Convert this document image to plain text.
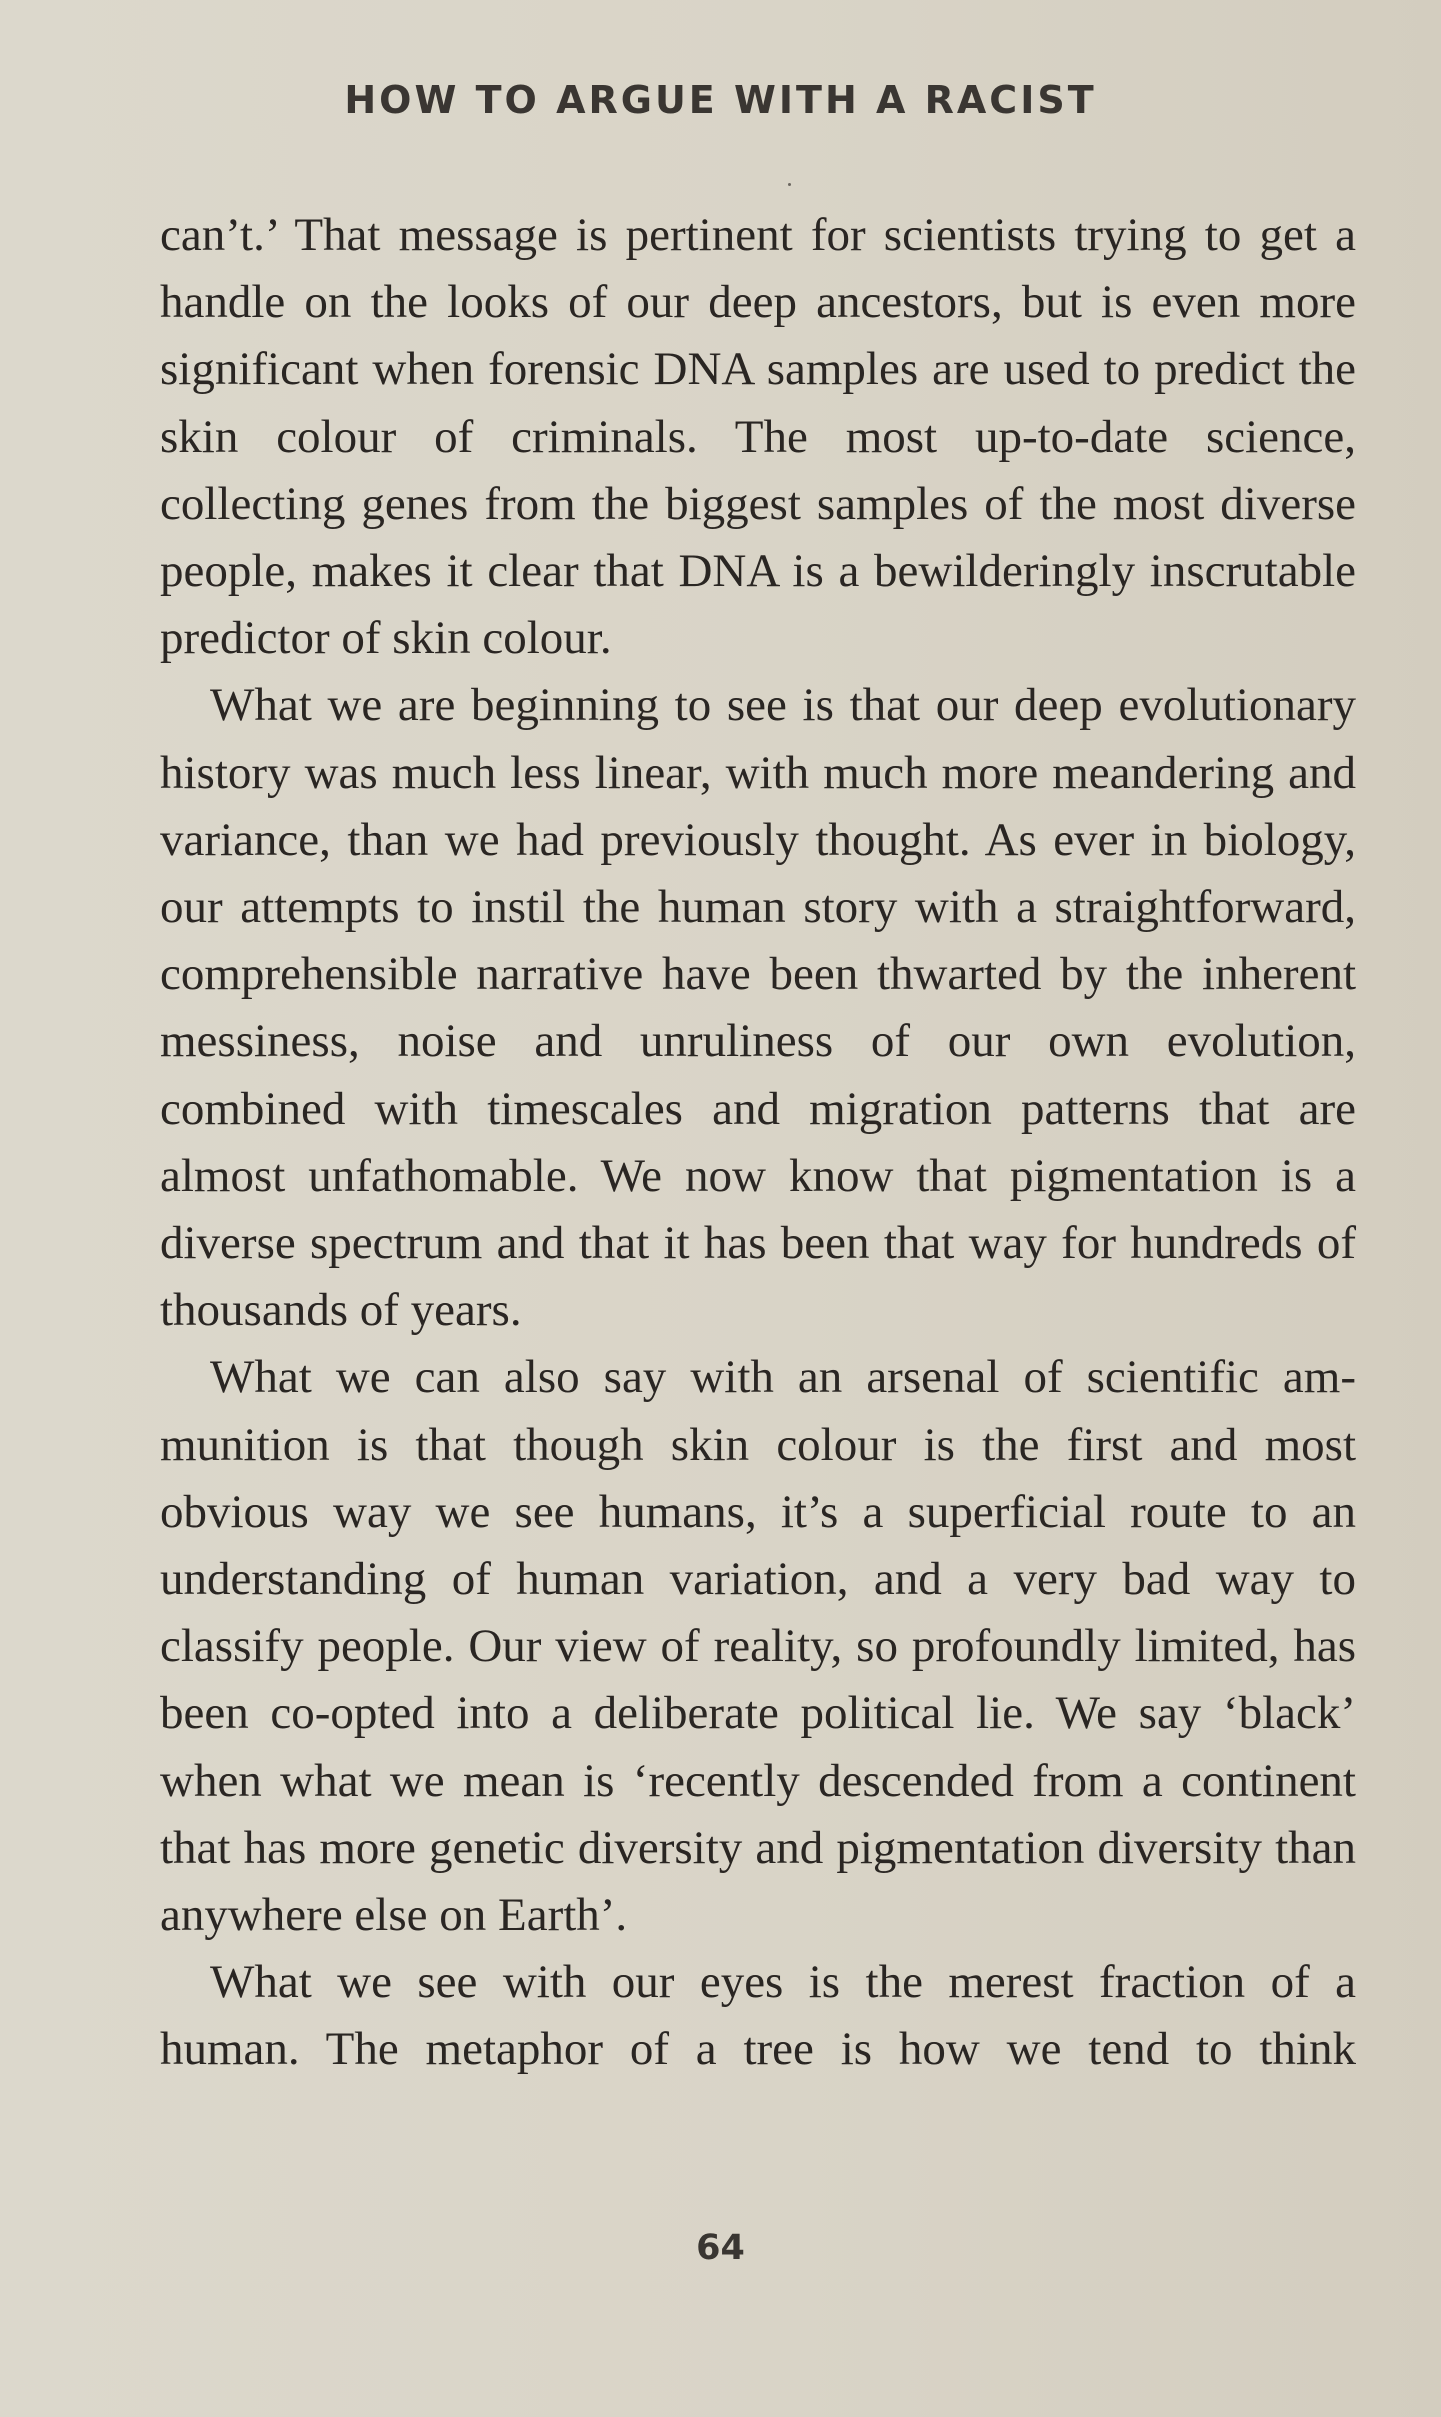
HOW TO ARGUE WITH A RACIST

can’t.’ That message is pertinent for scientists trying to get a handle on the looks of our deep ancestors, but is even more significant when forensic DNA samples are used to predict the skin colour of criminals. The most up-to-date science, collecting genes from the biggest samples of the most diverse people, makes it clear that DNA is a bewilderingly inscrutable predictor of skin colour.

What we are beginning to see is that our deep evolutionary history was much less linear, with much more meandering and variance, than we had previously thought. As ever in biology, our attempts to instil the human story with a straightforward, comprehensible narrative have been thwarted by the inherent messiness, noise and unruliness of our own evolution, combined with timescales and migration patterns that are almost unfathomable. We now know that pigmentation is a diverse spectrum and that it has been that way for hundreds of thousands of years.

What we can also say with an arsenal of scientific ammunition is that though skin colour is the first and most obvious way we see humans, it’s a superficial route to an understanding of human variation, and a very bad way to classify people. Our view of reality, so profoundly limited, has been co-opted into a deliberate political lie. We say ‘black’ when what we mean is ‘recently descended from a continent that has more genetic diversity and pigmentation diversity than anywhere else on Earth’.

What we see with our eyes is the merest fraction of a human. The metaphor of a tree is how we tend to think

64
